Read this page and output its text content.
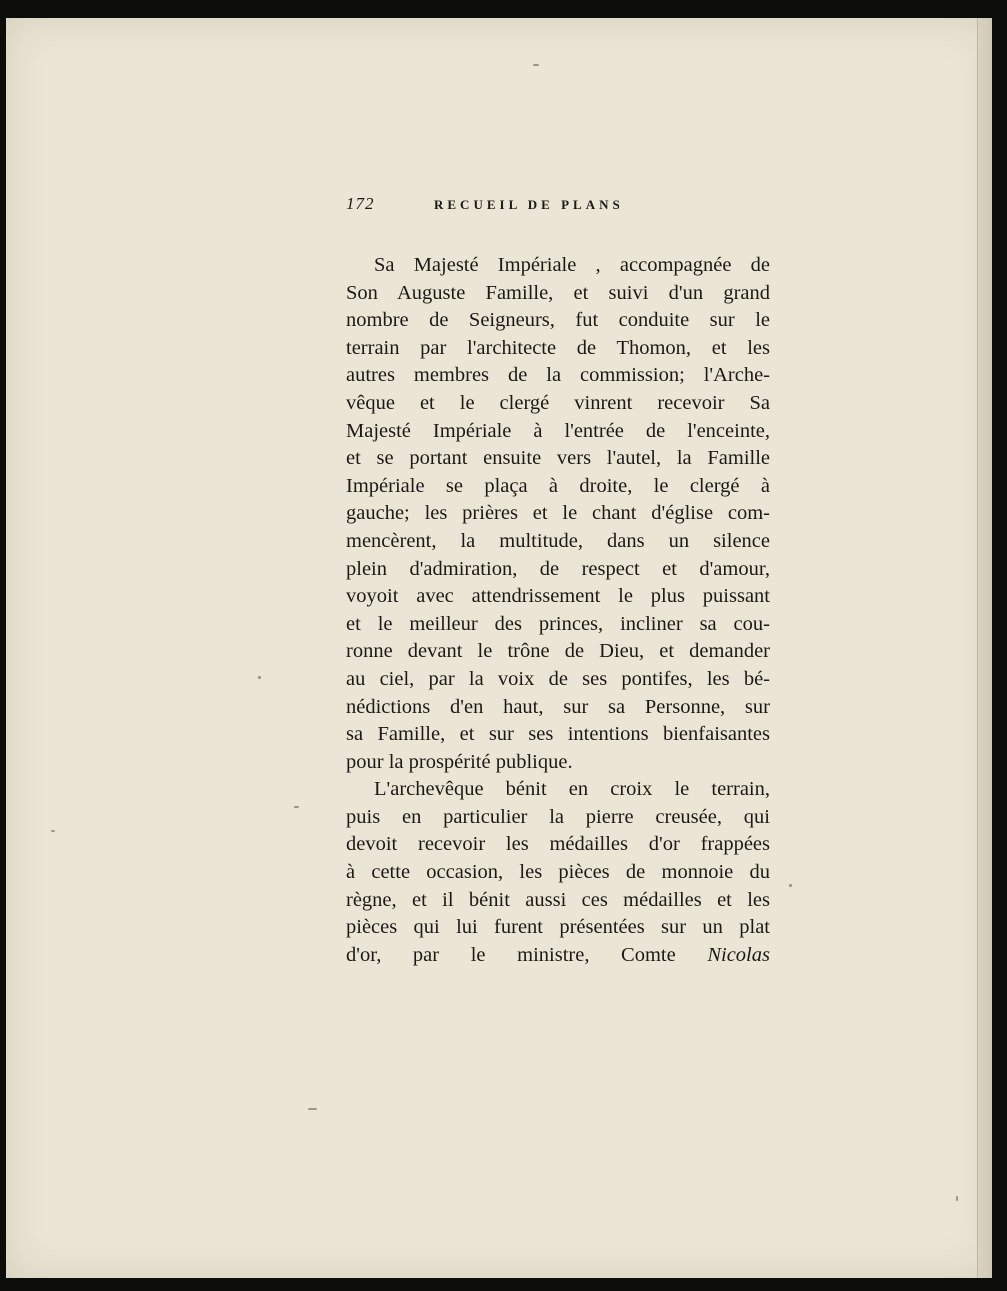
172	RECUEIL DE PLANS
Sa Majesté Impériale , accompagnée de
Son Auguste Famille, et suivi d'un grand
nombre de Seigneurs, fut conduite sur le
terrain par l'architecte de Thomon, et les
autres membres de la commission; l'Arche-
vêque et le clergé vinrent recevoir Sa
Majesté Impériale à l'entrée de l'enceinte,
et se portant ensuite vers l'autel, la Famille
Impériale se plaça à droite, le clergé à
gauche; les prières et le chant d'église com-
mencèrent, la multitude, dans un silence
plein d'admiration, de respect et d'amour,
voyoit avec attendrissement le plus puissant
et le meilleur des princes, incliner sa cou-
ronne devant le trône de Dieu, et demander
au ciel, par la voix de ses pontifes, les bé-
nédictions d'en haut, sur sa Personne, sur
sa Famille, et sur ses intentions bienfaisantes
pour la prospérité publique.
L'archevêque bénit en croix le terrain,
puis en particulier la pierre creusée, qui
devoit recevoir les médailles d'or frappées
à cette occasion, les pièces de monnoie du
règne, et il bénit aussi ces médailles et les
pièces qui lui furent présentées sur un plat
d'or, par le ministre, Comte Nicolas
